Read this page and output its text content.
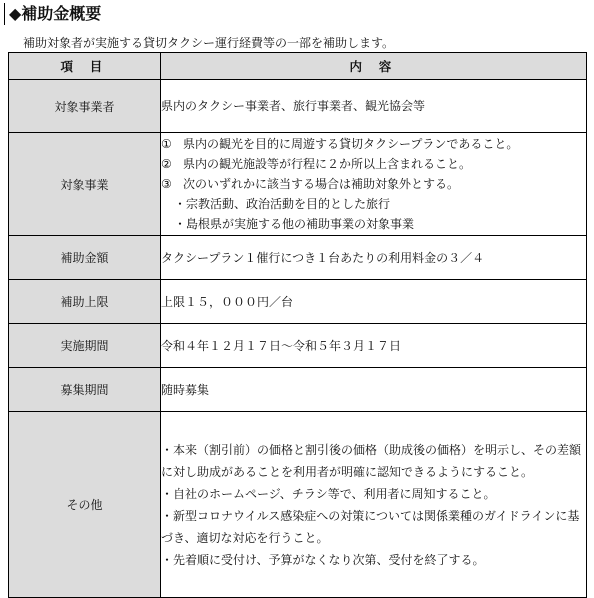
◆補助金概要
補助対象者が実施する貸切タクシー運行経費等の一部を補助します。
項 目	内 容
対象事業者	県内のタクシー事業者、旅行事業者、観光協会等
対象事業	① 県内の観光を目的に周遊する貸切タクシープランであること。
② 県内の観光施設等が行程に２か所以上含まれること。
③ 次のいずれかに該当する場合は補助対象外とする。
・宗教活動、政治活動を目的とした旅行
・島根県が実施する他の補助事業の対象事業

補助金額	タクシープラン１催行につき１台あたりの利用料金の３／４
補助上限	上限１５，０００円／台
実施期間	令和４年１２月１７日～令和５年３月１７日
募集期間	随時募集
その他	・本来（割引前）の価格と割引後の価格（助成後の価格）を明示し、その差額に対し助成があることを利用者が明確に認知できるようにすること。
・自社のホームページ、チラシ等で、利用者に周知すること。
・新型コロナウイルス感染症への対策については関係業種のガイドラインに基づき、適切な対応を行うこと。
・先着順に受付け、予算がなくなり次第、受付を終了する。
